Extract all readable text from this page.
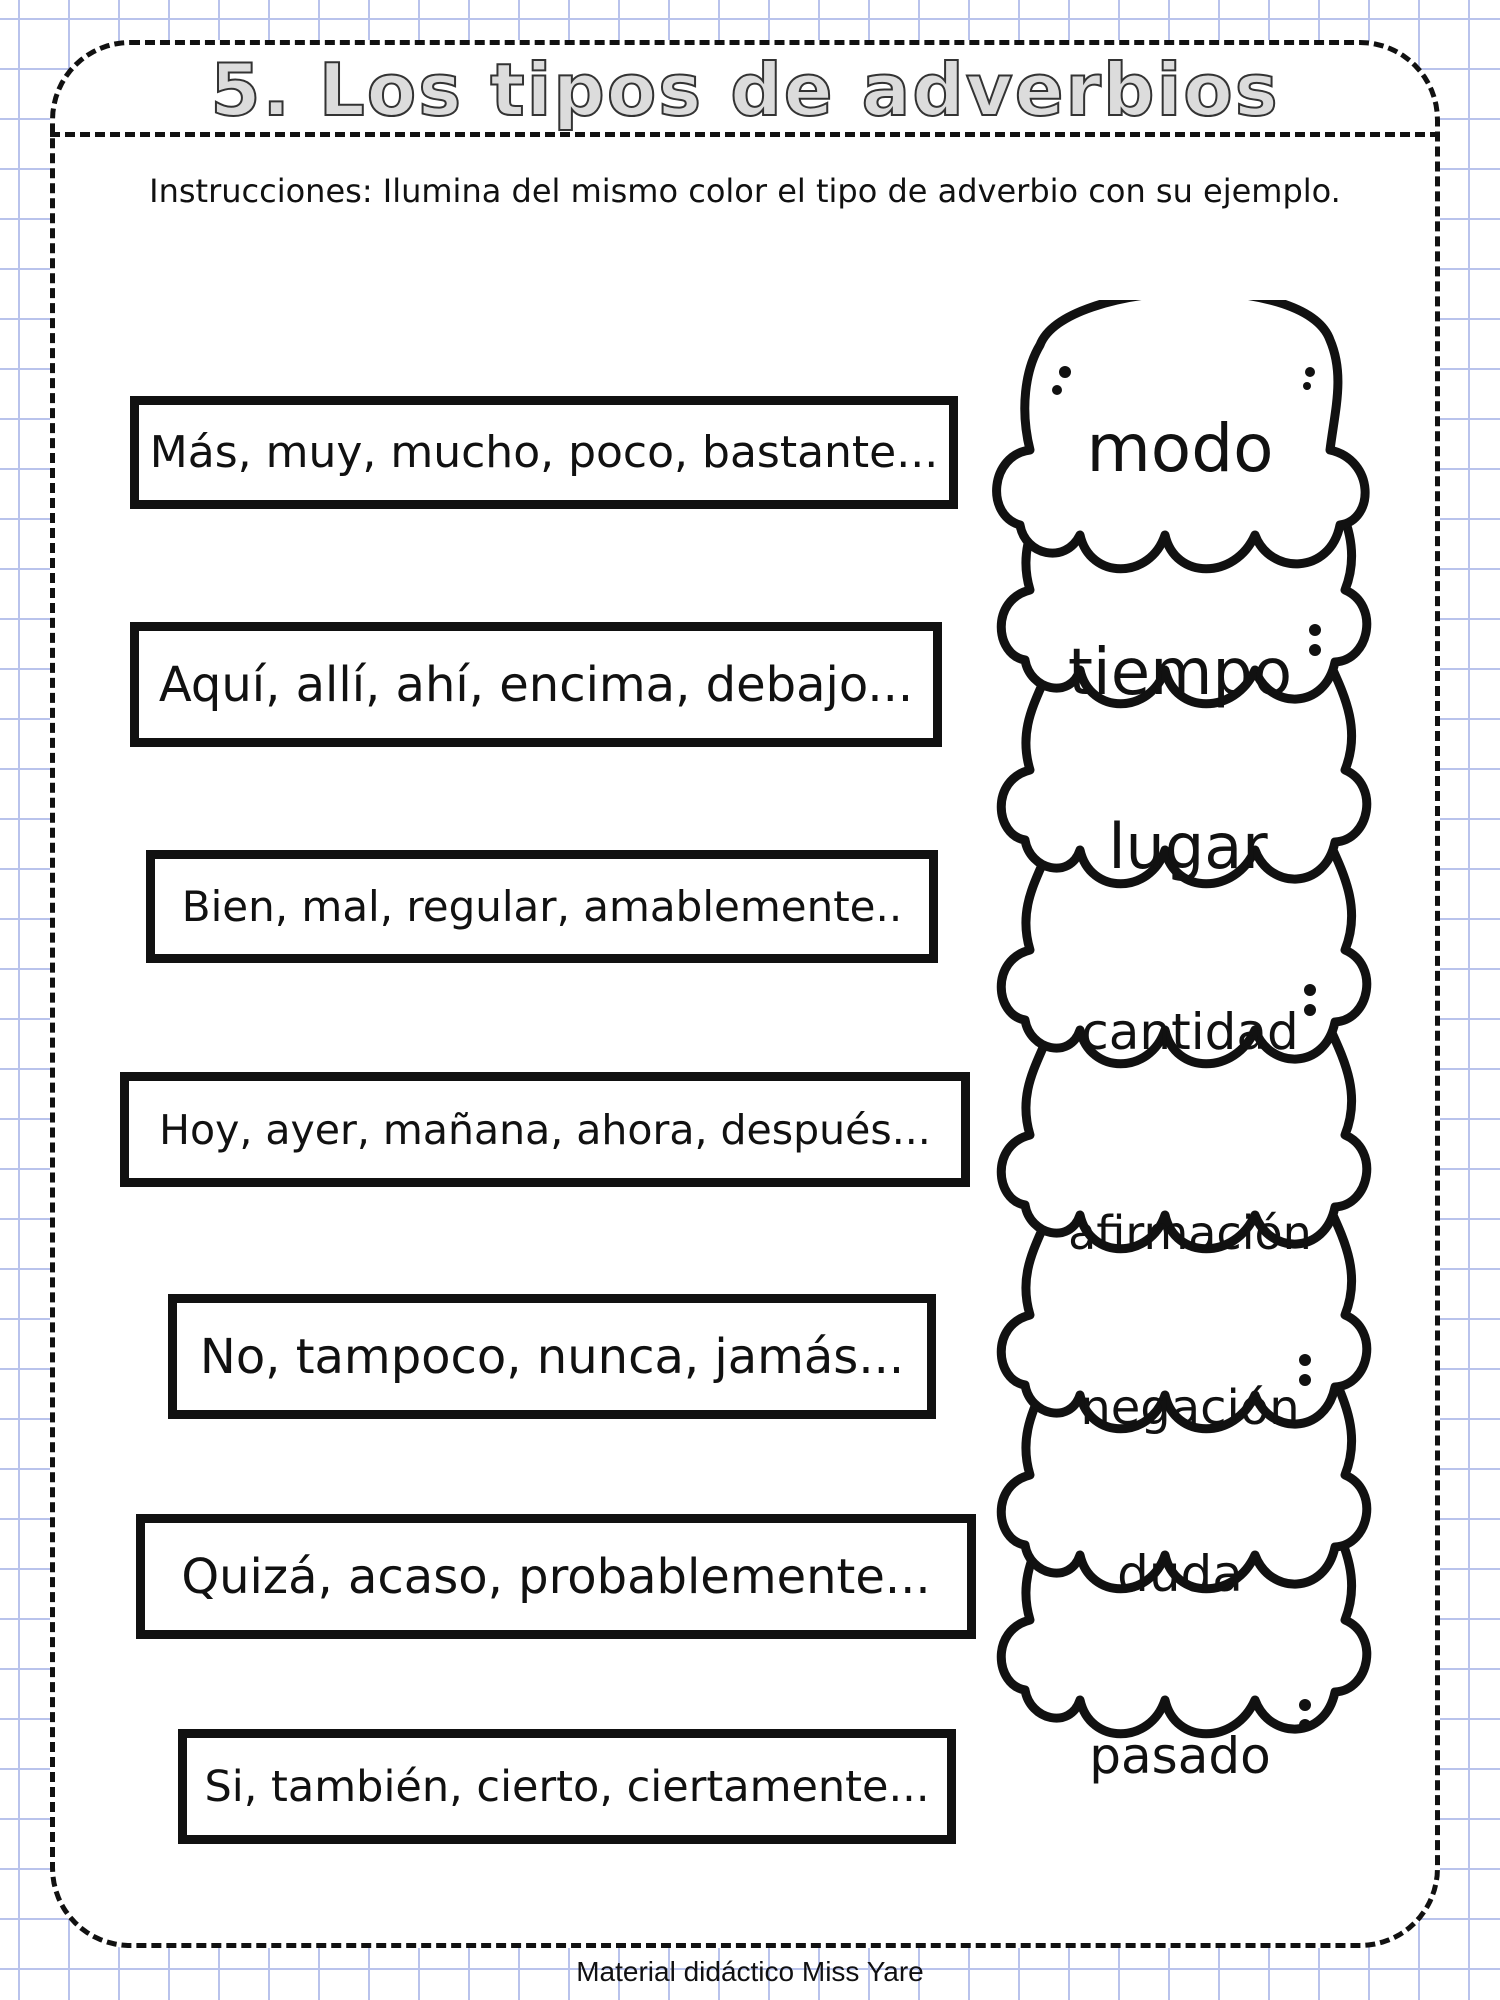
5. Los tipos de adverbios
Instrucciones: Ilumina del mismo color el tipo de adverbio con su ejemplo.
Más, muy, mucho, poco, bastante...
Aquí, allí, ahí, encima, debajo...
Bien, mal, regular, amablemente..
Hoy, ayer, mañana, ahora, después...
No, tampoco, nunca, jamás...
Quizá, acaso, probablemente...
Si, también, cierto, ciertamente...
modo
tiempo
lugar
cantidad
afirmación
negación
duda
pasado
Material didáctico Miss Yare
